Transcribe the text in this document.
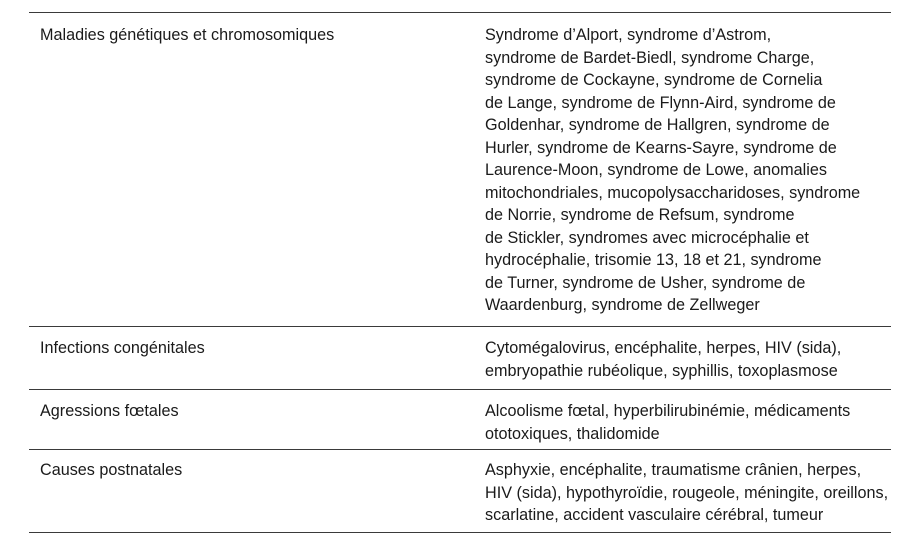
Maladies génétiques et chromosomiques	Syndrome d’Alport, syndrome d’Astrom,
syndrome de Bardet-Biedl, syndrome Charge,
syndrome de Cockayne, syndrome de Cornelia
de Lange, syndrome de Flynn-Aird, syndrome de
Goldenhar, syndrome de Hallgren, syndrome de
Hurler, syndrome de Kearns-Sayre, syndrome de
Laurence-Moon, syndrome de Lowe, anomalies
mitochondriales, mucopolysaccharidoses, syndrome
de Norrie, syndrome de Refsum, syndrome
de Stickler, syndromes avec microcéphalie et
hydrocéphalie, trisomie 13, 18 et 21, syndrome
de Turner, syndrome de Usher, syndrome de
Waardenburg, syndrome de Zellweger
Infections congénitales	Cytomégalovirus, encéphalite, herpes, HIV (sida),
embryopathie rubéolique, syphillis, toxoplasmose
Agressions fœtales	Alcoolisme fœtal, hyperbilirubinémie, médicaments
ototoxiques, thalidomide
Causes postnatales	Asphyxie, encéphalite, traumatisme crânien, herpes,
HIV (sida), hypothyroïdie, rougeole, méningite, oreillons,
scarlatine, accident vasculaire cérébral, tumeur
